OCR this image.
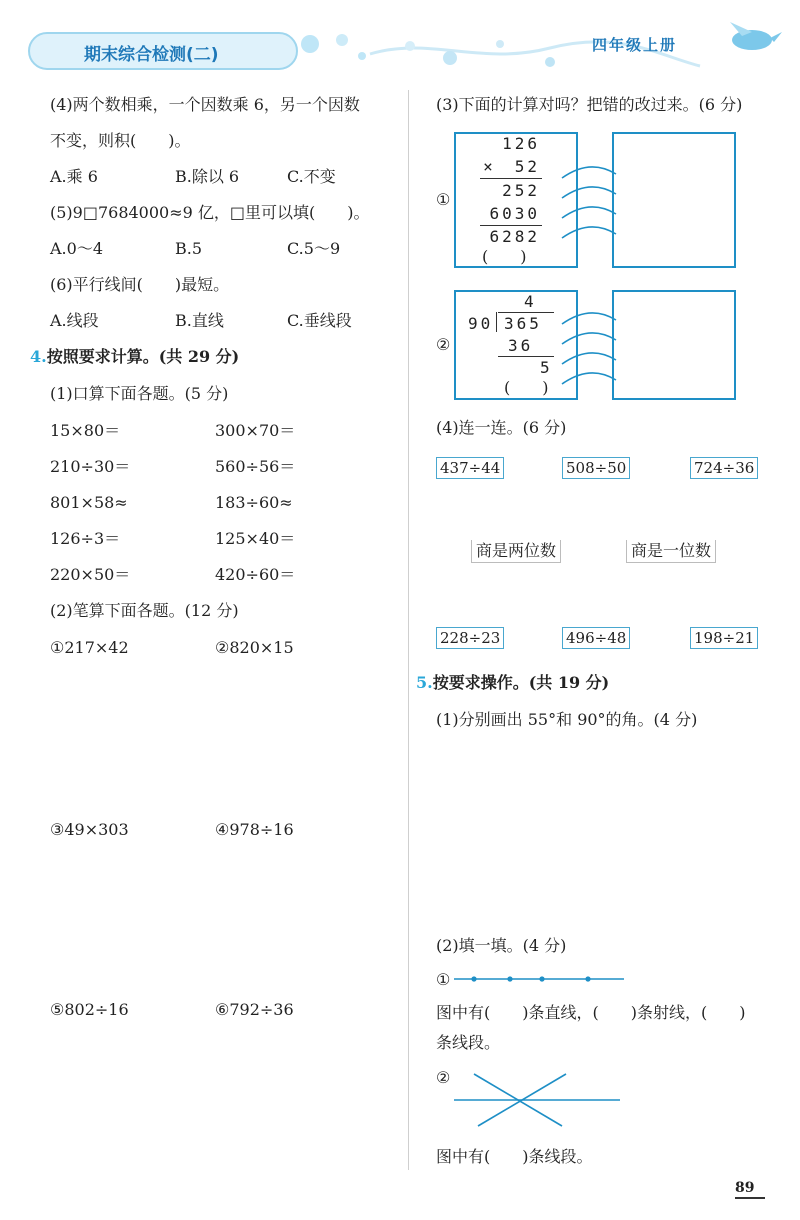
期末综合检测(二)	四年级上册
(4)两个数相乘，一个因数乘 6，另一个因数
不变，则积(　　)。
A.乘 6	B.除以 6	C.不变
(5)9□7684000≈9 亿，□里可以填(　　)。
A.0～4	B.5	C.5～9
(6)平行线间(　　)最短。
A.线段	B.直线	C.垂线段
4.按照要求计算。(共 29 分)
(1)口算下面各题。(5 分)
15×80＝	300×70＝
210÷30＝	560÷56＝
801×58≈	183÷60≈
126÷3＝	125×40＝
220×50＝	420÷60＝
(2)笔算下面各题。(12 分)
①217×42	②820×15
③49×303	④978÷16
⑤802÷16	⑥792÷36
(3)下面的计算对吗？把错的改过来。(6 分)
①
126
×　52
252
6030
6282
(　　)
②
4
90 365
36
5
(　　)
(4)连一连。(6 分)
437÷44	508÷50	724÷36
商是两位数	商是一位数
228÷23	496÷48	198÷21
5.按要求操作。(共 19 分)
(1)分别画出 55°和 90°的角。(4 分)
(2)填一填。(4 分)
①
图中有(　　)条直线，(　　)条射线，(　　)
条线段。
②
图中有(　　)条线段。
89
